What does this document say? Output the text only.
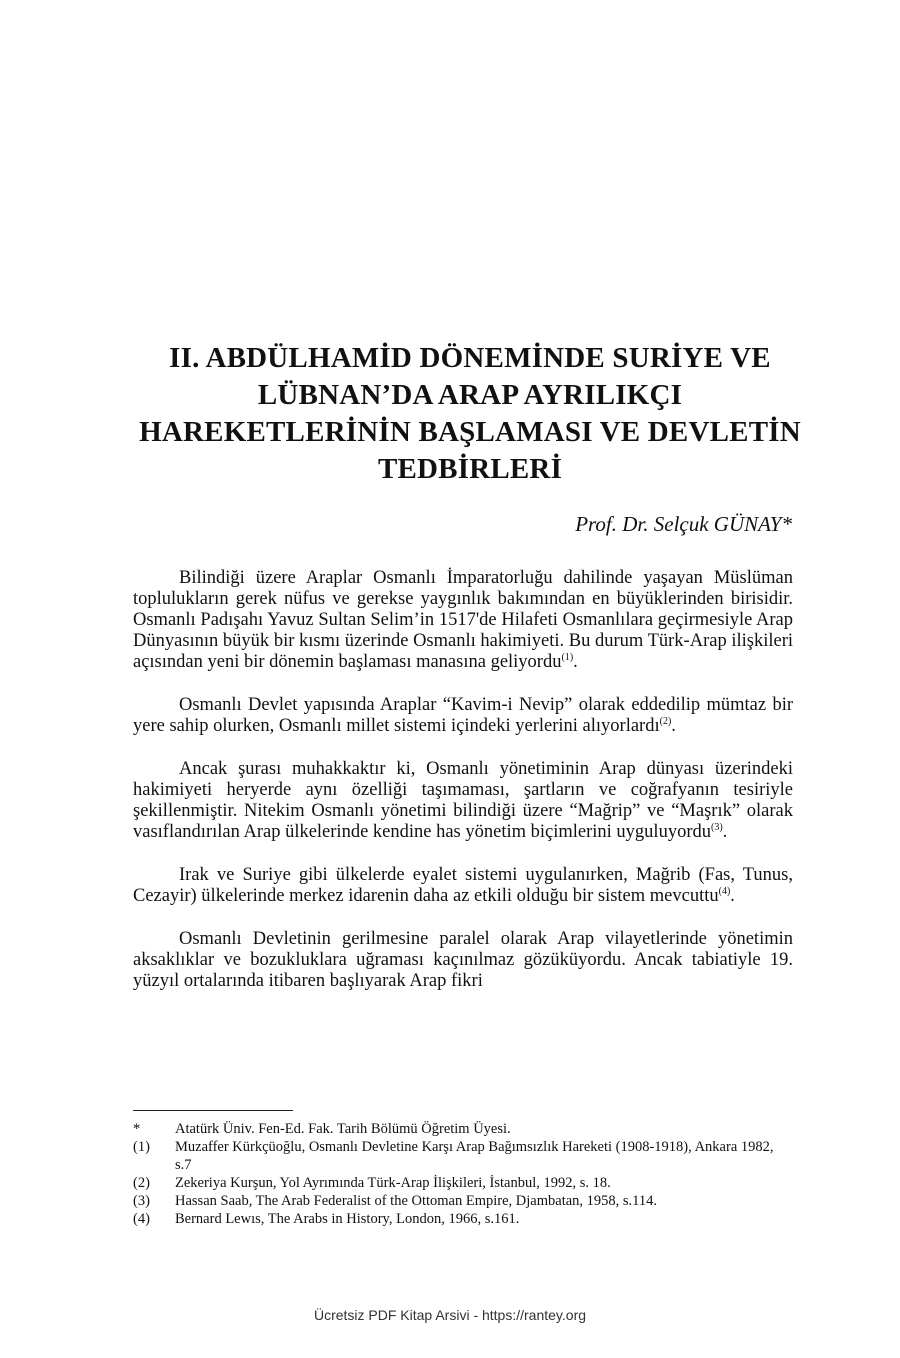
II. ABDÜLHAMİD DÖNEMİNDE SURİYE VE
LÜBNAN’DA ARAP AYRILIKÇI
HAREKETLERİNİN BAŞLAMASI VE DEVLETİN
TEDBİRLERİ
Prof. Dr. Selçuk GÜNAY*

Bilindiği üzere Araplar Osmanlı İmparatorluğu dahilinde yaşayan Müslüman toplulukların gerek nüfus ve gerekse yaygınlık bakımından en büyüklerinden birisidir. Osmanlı Padışahı Yavuz Sultan Selim’in 1517'de Hilafeti Osmanlılara geçirmesiyle Arap Dünyasının büyük bir kısmı üzerinde Osmanlı hakimiyeti. Bu durum Türk-Arap ilişkileri açısından yeni bir dönemin başlaması manasına geliyordu$^{(1)}$.

Osmanlı Devlet yapısında Araplar “Kavim-i Nevip” olarak eddedilip mümtaz bir yere sahip olurken, Osmanlı millet sistemi içindeki yerlerini alıyorlardı$^{(2)}$.

Ancak şurası muhakkaktır ki, Osmanlı yönetiminin Arap dünyası üzerindeki hakimiyeti heryerde aynı özelliği taşımaması, şartların ve coğrafyanın tesiriyle şekillenmiştir. Nitekim Osmanlı yönetimi bilindiği üzere “Mağrip” ve “Maşrık” olarak vasıflandırılan Arap ülkelerinde kendine has yönetim biçimlerini uyguluyordu$^{(3)}$.

Irak ve Suriye gibi ülkelerde eyalet sistemi uygulanırken, Mağrib (Fas, Tunus, Cezayir) ülkelerinde merkez idarenin daha az etkili olduğu bir sistem mevcuttu$^{(4)}$.

Osmanlı Devletinin gerilmesine paralel olarak Arap vilayetlerinde yönetimin aksaklıklar ve bozukluklara uğraması kaçınılmaz gözüküyordu. Ancak tabiatiyle 19. yüzyıl ortalarında itibaren başlıyarak Arap fikri

*	Atatürk Üniv. Fen-Ed. Fak. Tarih Bölümü Öğretim Üyesi.
(1)	Muzaffer Kürkçüoğlu, Osmanlı Devletine Karşı Arap Bağımsızlık Hareketi (1908-1918), Ankara 1982, s.7
(2)	Zekeriya Kurşun, Yol Ayrımında Türk-Arap İlişkileri, İstanbul, 1992, s. 18.
(3)	Hassan Saab, The Arab Federalist of the Ottoman Empire, Djambatan, 1958, s.114.
(4)	Bernard Lewıs, The Arabs in History, London, 1966, s.161.
Ücretsiz PDF Kitap Arsivi - https://rantey.org
